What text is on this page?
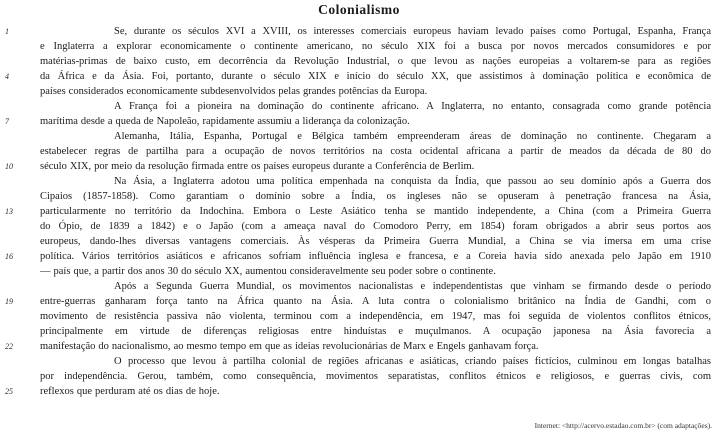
Colonialismo
1	Se, durante os séculos XVI a XVIII, os interesses comerciais europeus haviam levado países como Portugal, Espanha, França
e Inglaterra a explorar economicamente o continente americano, no século XIX foi a busca por novos mercados consumidores e por
matérias-primas de baixo custo, em decorrência da Revolução Industrial, o que levou as nações europeias a voltarem-se para as regiões
4	da África e da Ásia. Foi, portanto, durante o século XIX e início do século XX, que assistimos à dominação política e econômica de
países considerados economicamente subdesenvolvidos pelas grandes potências da Europa.
A França foi a pioneira na dominação do continente africano. A Inglaterra, no entanto, consagrada como grande potência
7	marítima desde a queda de Napoleão, rapidamente assumiu a liderança da colonização.
Alemanha, Itália, Espanha, Portugal e Bélgica também empreenderam áreas de dominação no continente. Chegaram a
estabelecer regras de partilha para a ocupação de novos territórios na costa ocidental africana a partir de meados da década de 80 do
10	século XIX, por meio da resolução firmada entre os países europeus durante a Conferência de Berlim.
Na Ásia, a Inglaterra adotou uma política empenhada na conquista da Índia, que passou ao seu domínio após a Guerra dos
Cipaios (1857-1858). Como garantiam o domínio sobre a Índia, os ingleses não se opuseram à penetração francesa na Ásia,
13	particularmente no território da Indochina. Embora o Leste Asiático tenha se mantido independente, a China (com a Primeira Guerra
do Ópio, de 1839 a 1842) e o Japão (com a ameaça naval do Comodoro Perry, em 1854) foram obrigados a abrir seus portos aos
europeus, dando-lhes diversas vantagens comerciais. Às vésperas da Primeira Guerra Mundial, a China se via imersa em uma crise
16	política. Vários territórios asiáticos e africanos sofriam influência inglesa e francesa, e a Coreia havia sido anexada pelo Japão em 1910
— país que, a partir dos anos 30 do século XX, aumentou consideravelmente seu poder sobre o continente.
Após a Segunda Guerra Mundial, os movimentos nacionalistas e independentistas que vinham se firmando desde o período
19	entre-guerras ganharam força tanto na África quanto na Ásia. A luta contra o colonialismo britânico na Índia de Gandhi, com o
movimento de resistência passiva não violenta, terminou com a independência, em 1947, mas foi seguida de violentos conflitos étnicos,
principalmente em virtude de diferenças religiosas entre hinduístas e muçulmanos. A ocupação japonesa na Ásia favorecia a
22	manifestação do nacionalismo, ao mesmo tempo em que as ideias revolucionárias de Marx e Engels ganhavam força.
O processo que levou à partilha colonial de regiões africanas e asiáticas, criando países fictícios, culminou em longas batalhas
por independência. Gerou, também, como consequência, movimentos separatistas, conflitos étnicos e religiosos, e guerras civis, com
25	reflexos que perduram até os dias de hoje.
Internet: <http://acervo.estadao.com.br> (com adaptações).
